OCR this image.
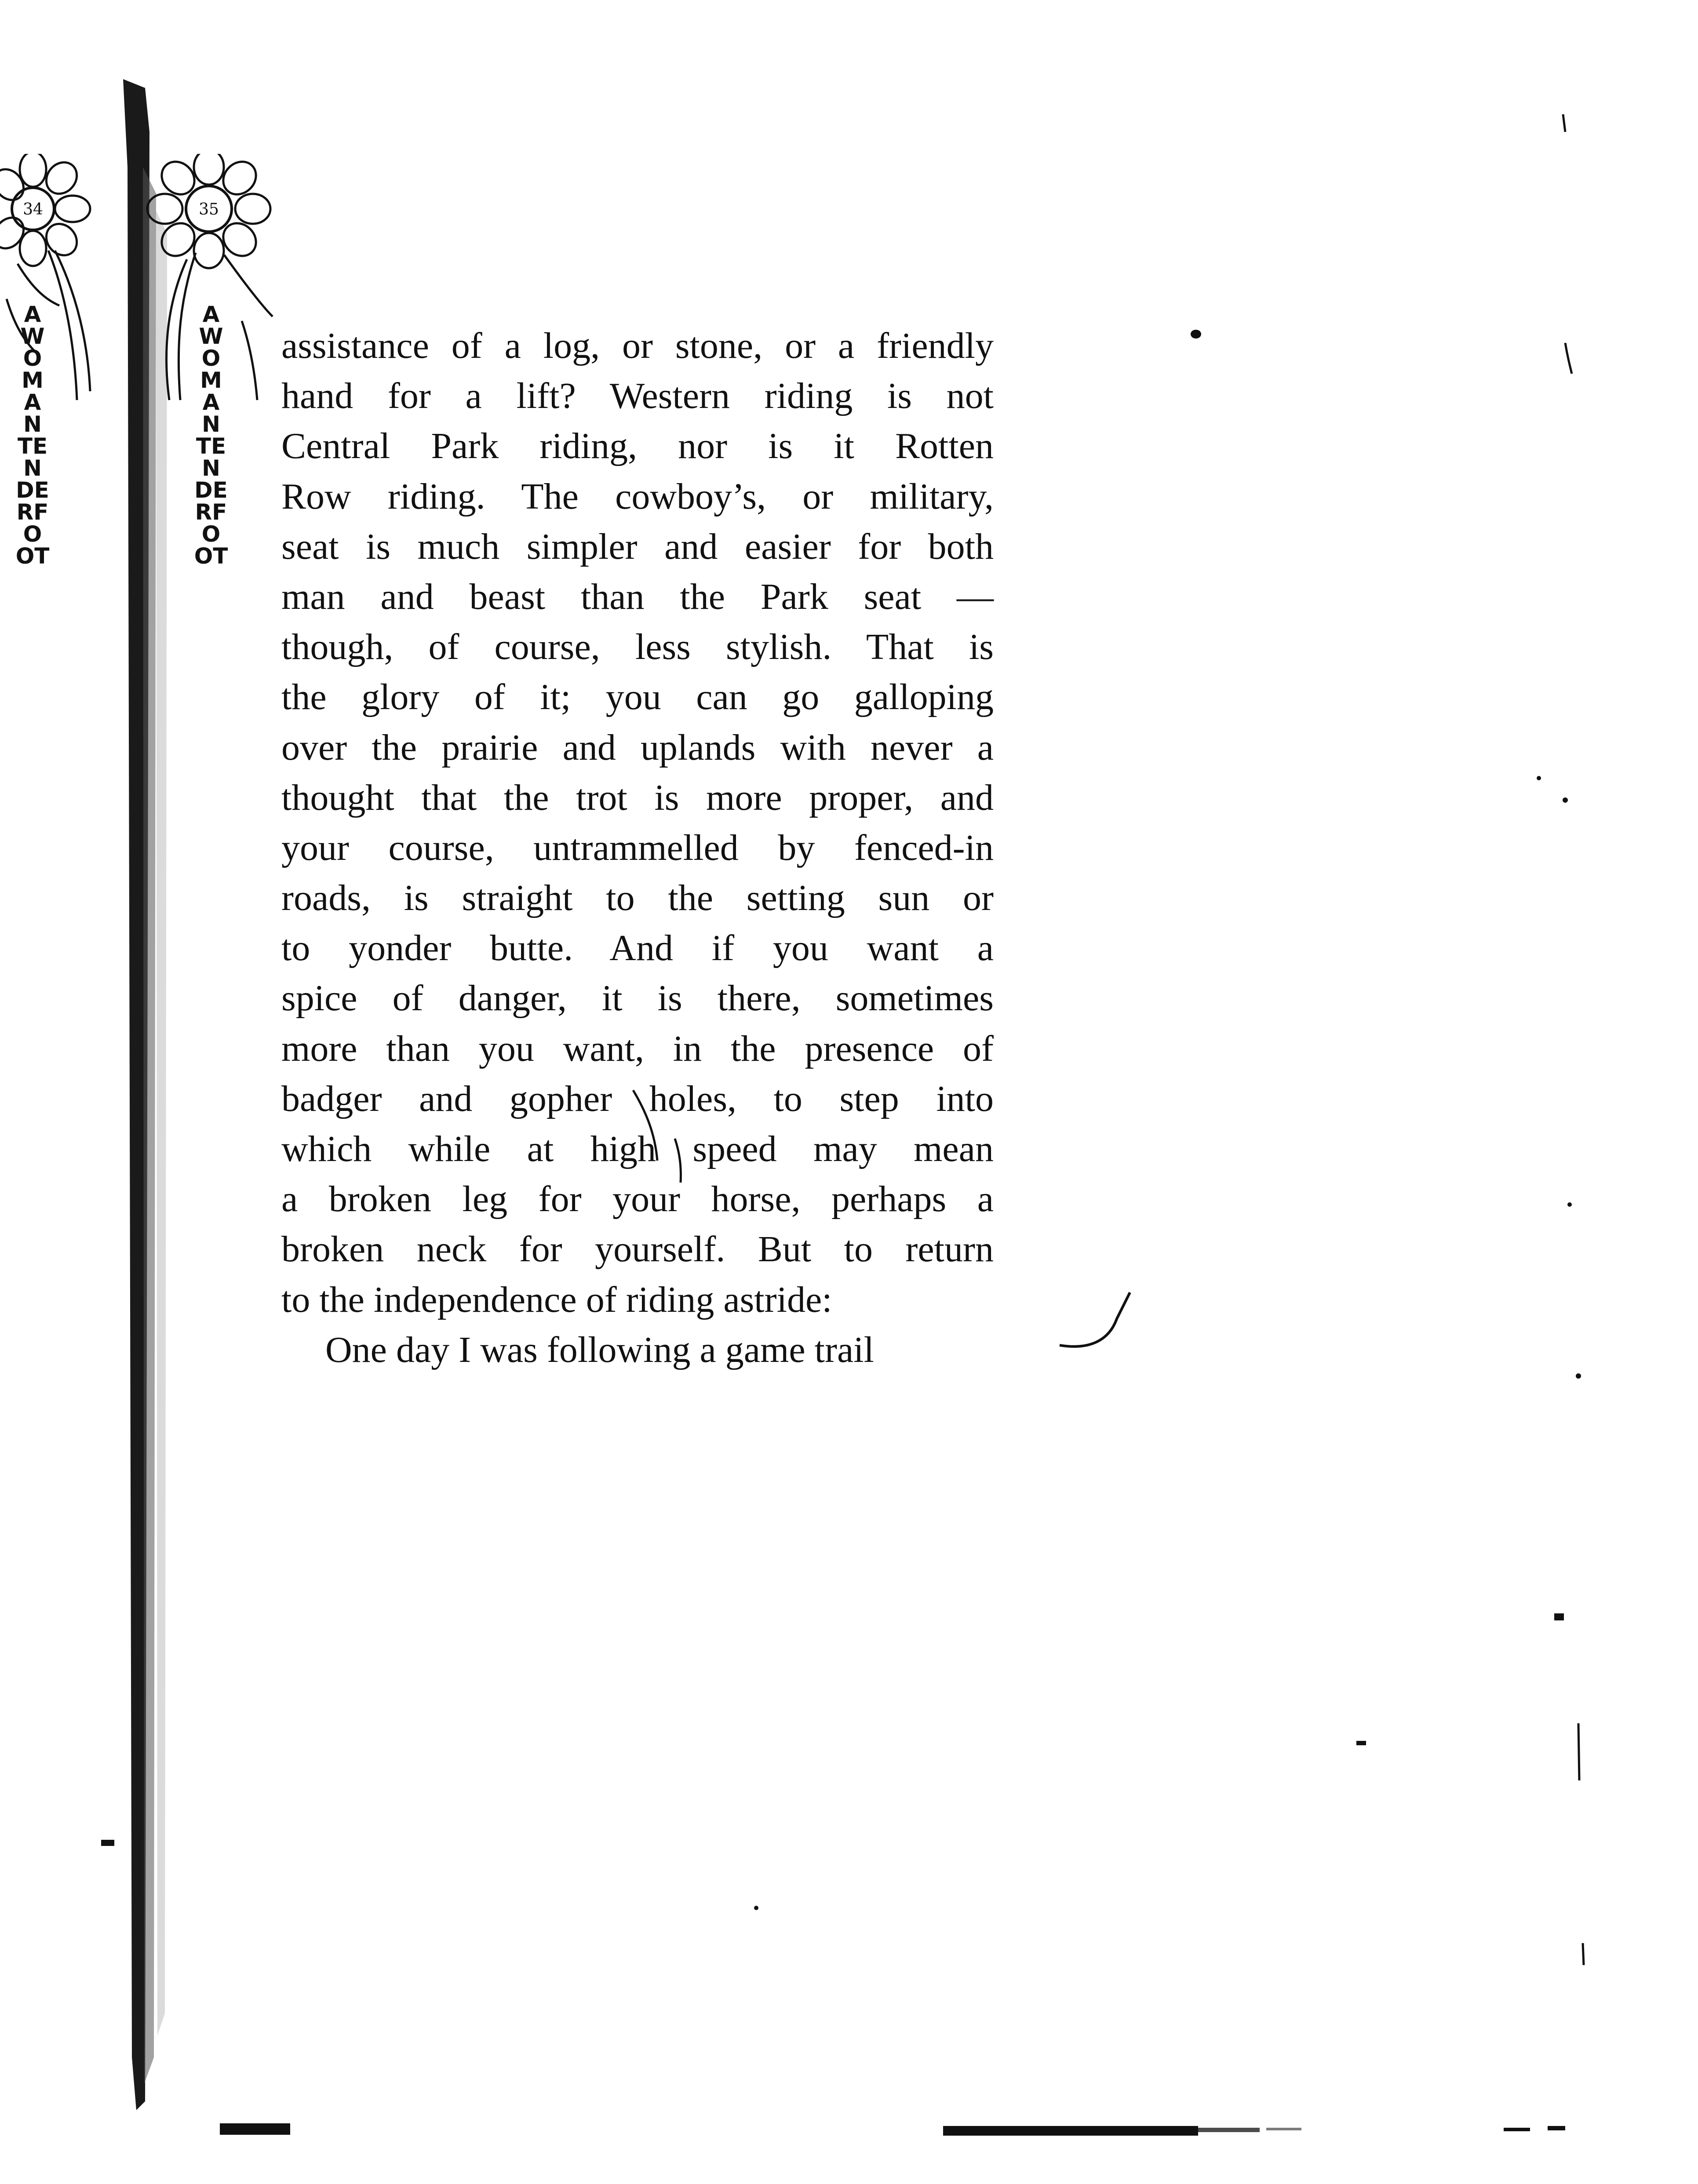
34	35
A WOMAN TENDERFOOT
A WOMAN TENDERFOOT
assistance of a log, or stone, or a friendly
hand for a lift? Western riding is not
Central Park riding, nor is it Rotten
Row riding. The cowboy’s, or military,
seat is much simpler and easier for both
man and beast than the Park seat —
though, of course, less stylish. That is
the glory of it; you can go galloping
over the prairie and uplands with never a
thought that the trot is more proper, and
your course, untrammelled by fenced-in
roads, is straight to the setting sun or
to yonder butte. And if you want a
spice of danger, it is there, sometimes
more than you want, in the presence of
badger and gopher holes, to step into
which while at high speed may mean
a broken leg for your horse, perhaps a
broken neck for yourself. But to return
to the independence of riding astride:
One day I was following a game trail
